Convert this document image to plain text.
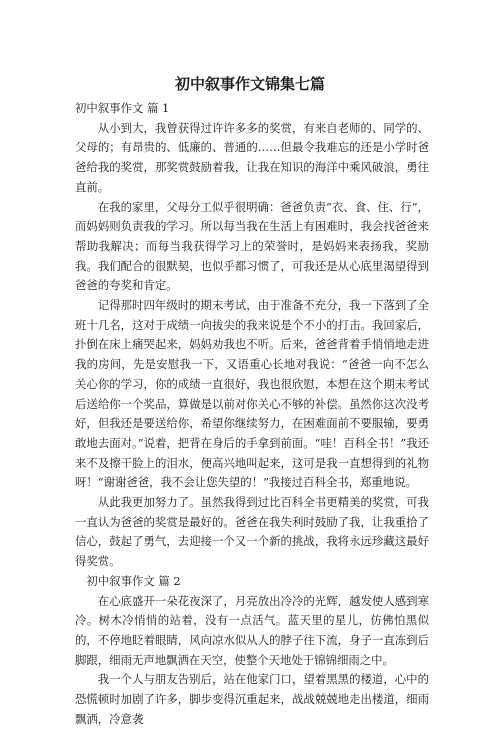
初中叙事作文锦集七篇

初中叙事作文 篇 1

从小到大，我曾获得过许许多多的奖赏，有来自老师的、同学的、父母的；有昂贵的、低廉的、普通的……但最令我难忘的还是小学时爸爸给我的奖赏，那奖赏鼓励着我，让我在知识的海洋中乘风破浪，勇往直前。

在我的家里，父母分工似乎很明确：爸爸负责“衣、食、住、行”，而妈妈则负责我的学习。所以每当我在生活上有困难时，我会找爸爸来帮助我解决；而每当我获得学习上的荣誉时，是妈妈来表扬我，奖励我。我们配合的很默契，也似乎都习惯了，可我还是从心底里渴望得到爸爸的夸奖和肯定。

记得那时四年级时的期末考试，由于准备不充分，我一下落到了全班十几名，这对于成绩一向拔尖的我来说是个不小的打击。我回家后，扑倒在床上痛哭起来，妈妈劝我也不听。后来，爸爸背着手悄悄地走进我的房间，先是安慰我一下，又语重心长地对我说：“爸爸一向不怎么关心你的学习，你的成绩一直很好，我也很欣慰，本想在这个期末考试后送给你一个奖品，算做是以前对你关心不够的补偿。虽然你这次没考好，但我还是要送给你，希望你继续努力，在困难面前不要服输，要勇敢地去面对。”说着，把背在身后的手拿到前面。“哇！百科全书！”我还来不及擦干脸上的泪水，便高兴地叫起来，这可是我一直想得到的礼物呀！“谢谢爸爸，我不会让您失望的！”我接过百科全书，郑重地说。

从此我更加努力了。虽然我得到过比百科全书更精美的奖赏，可我一直认为爸爸的奖赏是最好的。爸爸在我失利时鼓励了我，让我重拾了信心，鼓起了勇气，去迎接一个又一个新的挑战，我将永远珍藏这最好得奖赏。

初中叙事作文 篇 2

在心底盛开一朵花夜深了，月亮放出冷冷的光辉，越发使人感到寒冷。树木冷悄悄的站着，没有一点活气。蓝天里的星儿，仿佛怕黑似的，不停地眨着眼睛，风向凉水似从人的脖子往下流，身子一直冻到后脚跟，细雨无声地飘洒在天空，使整个天地处于锦锦细雨之中。

我一个人与朋友告别后，站在他家门口，望着黑黑的楼道，心中的恐慌顿时加剧了许多，脚步变得沉重起来，战战兢兢地走出楼道，细雨飘洒，冷意袭
